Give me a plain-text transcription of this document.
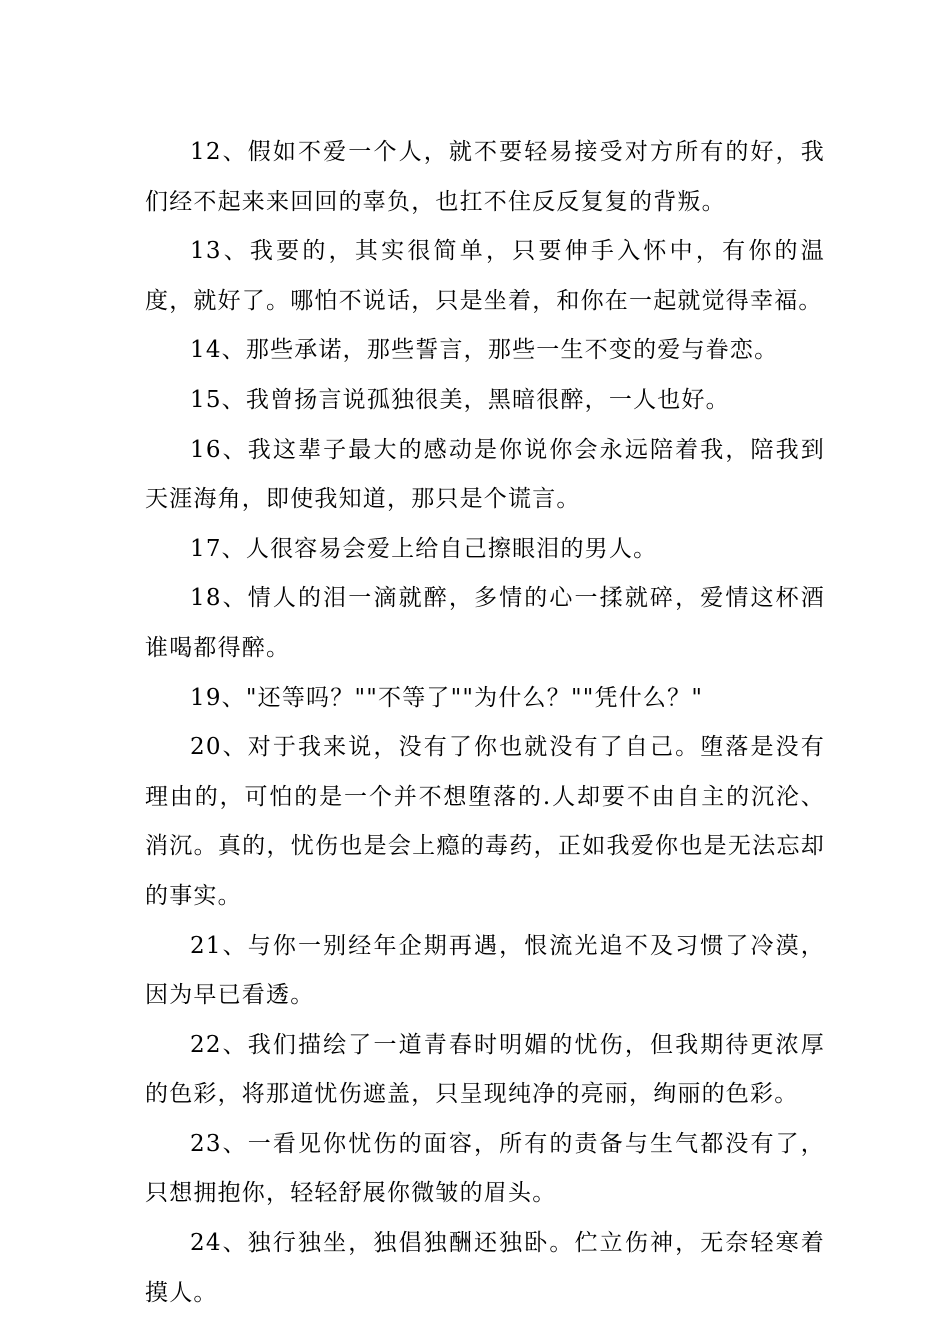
12、假如不爱一个人，就不要轻易接受对方所有的好，我们经不起来来回回的辜负，也扛不住反反复复的背叛。

13、我要的，其实很简单，只要伸手入怀中，有你的温度，就好了。哪怕不说话，只是坐着，和你在一起就觉得幸福。

14、那些承诺，那些誓言，那些一生不变的爱与眷恋。

15、我曾扬言说孤独很美，黑暗很醉，一人也好。

16、我这辈子最大的感动是你说你会永远陪着我，陪我到天涯海角，即使我知道，那只是个谎言。

17、人很容易会爱上给自己擦眼泪的男人。

18、情人的泪一滴就醉，多情的心一揉就碎，爱情这杯酒谁喝都得醉。

19、"还等吗？""不等了""为什么？""凭什么？"

20、对于我来说，没有了你也就没有了自己。堕落是没有理由的，可怕的是一个并不想堕落的.人却要不由自主的沉沦、消沉。真的，忧伤也是会上瘾的毒药，正如我爱你也是无法忘却的事实。

21、与你一别经年企期再遇，恨流光追不及习惯了冷漠，因为早已看透。

22、我们描绘了一道青春时明媚的忧伤，但我期待更浓厚的色彩，将那道忧伤遮盖，只呈现纯净的亮丽，绚丽的色彩。

23、一看见你忧伤的面容，所有的责备与生气都没有了，只想拥抱你，轻轻舒展你微皱的眉头。

24、独行独坐，独倡独酬还独卧。伫立伤神，无奈轻寒着摸人。
